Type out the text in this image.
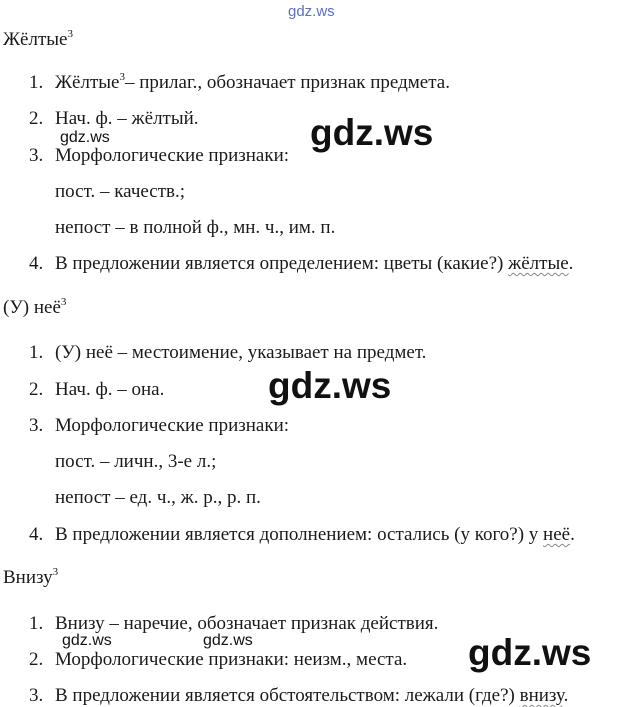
gdz.ws
Жёлтые$^3$
1. Жёлтые$^3$– прилаг., обозначает признак предмета.
2. Нач. ф. – жёлтый.
3. Морфологические признаки:
пост. – качеств.;
непост – в полной ф., мн. ч., им. п.
4. В предложении является определением: цветы (какие?) жёлтые.
(У) неё$^3$
1. (У) неё – местоимение, указывает на предмет.
2. Нач. ф. – она.
3. Морфологические признаки:
пост. – личн., 3-е л.;
непост – ед. ч., ж. р., р. п.
4. В предложении является дополнением: остались (у кого?) у неё.
Внизу$^3$
1. Внизу – наречие, обозначает признак действия.
2. Морфологические признаки: неизм., места.
3. В предложении является обстоятельством: лежали (где?) внизу.
gdz.ws
gdz.ws
gdz.ws
gdz.ws
gdz.ws	gdz.ws
